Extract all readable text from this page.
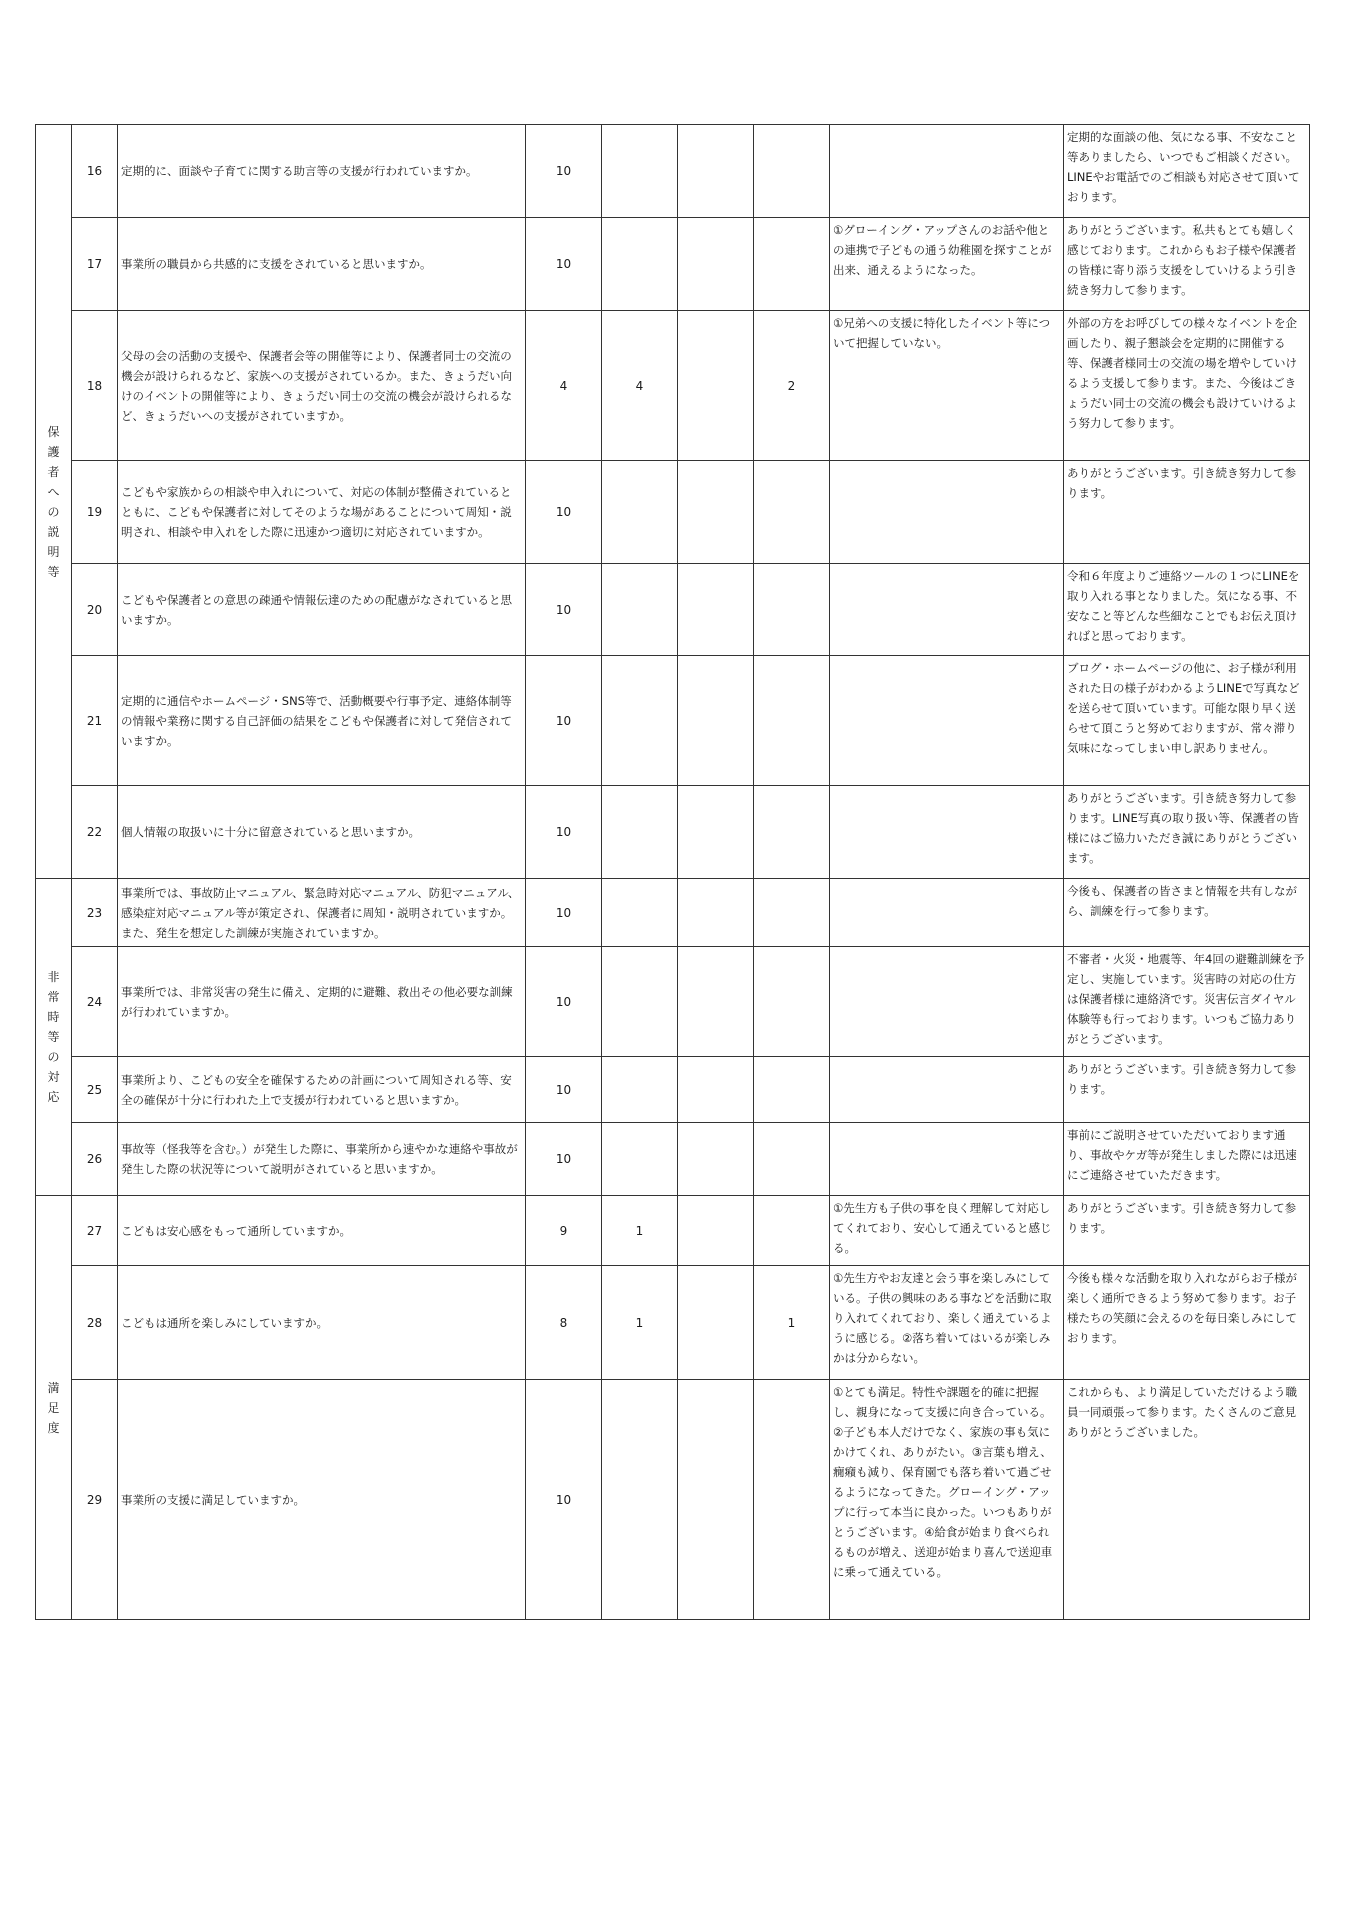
保護者への説明等	16	定期的に、面談や子育てに関する助言等の支援が行われていますか。	10					定期的な面談の他、気になる事、不安なこと等ありましたら、いつでもご相談ください。LINEやお電話でのご相談も対応させて頂いております。
	17	事業所の職員から共感的に支援をされていると思いますか。	10				①グローイング・アップさんのお話や他との連携で子どもの通う幼稚園を探すことが出来、通えるようになった。	ありがとうございます。私共もとても嬉しく感じております。これからもお子様や保護者の皆様に寄り添う支援をしていけるよう引き続き努力して参ります。
	18	父母の会の活動の支援や、保護者会等の開催等により、保護者同士の交流の機会が設けられるなど、家族への支援がされているか。また、きょうだい向けのイベントの開催等により、きょうだい同士の交流の機会が設けられるなど、きょうだいへの支援がされていますか。	4	4		2	①兄弟への支援に特化したイベント等について把握していない。	外部の方をお呼びしての様々なイベントを企画したり、親子懇談会を定期的に開催する等、保護者様同士の交流の場を増やしていけるよう支援して参ります。また、今後はごきょうだい同士の交流の機会も設けていけるよう努力して参ります。
	19	こどもや家族からの相談や申入れについて、対応の体制が整備されているとともに、こどもや保護者に対してそのような場があることについて周知・説明され、相談や申入れをした際に迅速かつ適切に対応されていますか。	10					ありがとうございます。引き続き努力して参ります。
	20	こどもや保護者との意思の疎通や情報伝達のための配慮がなされていると思いますか。	10					令和６年度よりご連絡ツールの１つにLINEを取り入れる事となりました。気になる事、不安なこと等どんな些細なことでもお伝え頂ければと思っております。
	21	定期的に通信やホームページ・SNS等で、活動概要や行事予定、連絡体制等の情報や業務に関する自己評価の結果をこどもや保護者に対して発信されていますか。	10					ブログ・ホームページの他に、お子様が利用された日の様子がわかるようLINEで写真などを送らせて頂いています。可能な限り早く送らせて頂こうと努めておりますが、常々滞り気味になってしまい申し訳ありません。
	22	個人情報の取扱いに十分に留意されていると思いますか。	10					ありがとうございます。引き続き努力して参ります。LINE写真の取り扱い等、保護者の皆様にはご協力いただき誠にありがとうございます。
非常時等の対応	23	事業所では、事故防止マニュアル、緊急時対応マニュアル、防犯マニュアル、感染症対応マニュアル等が策定され、保護者に周知・説明されていますか。また、発生を想定した訓練が実施されていますか。	10					今後も、保護者の皆さまと情報を共有しながら、訓練を行って参ります。
	24	事業所では、非常災害の発生に備え、定期的に避難、救出その他必要な訓練が行われていますか。	10					不審者・火災・地震等、年4回の避難訓練を予定し、実施しています。災害時の対応の仕方は保護者様に連絡済です。災害伝言ダイヤル体験等も行っております。いつもご協力ありがとうございます。
	25	事業所より、こどもの安全を確保するための計画について周知される等、安全の確保が十分に行われた上で支援が行われていると思いますか。	10					ありがとうございます。引き続き努力して参ります。
	26	事故等（怪我等を含む。）が発生した際に、事業所から速やかな連絡や事故が発生した際の状況等について説明がされていると思いますか。	10					事前にご説明させていただいております通り、事故やケガ等が発生しました際には迅速にご連絡させていただきます。
満足度	27	こどもは安心感をもって通所していますか。	9	1			①先生方も子供の事を良く理解して対応してくれており、安心して通えていると感じる。	ありがとうございます。引き続き努力して参ります。
	28	こどもは通所を楽しみにしていますか。	8	1		1	①先生方やお友達と会う事を楽しみにしている。子供の興味のある事などを活動に取り入れてくれており、楽しく通えているように感じる。②落ち着いてはいるが楽しみかは分からない。	今後も様々な活動を取り入れながらお子様が楽しく通所できるよう努めて参ります。お子様たちの笑顔に会えるのを毎日楽しみにしております。
	29	事業所の支援に満足していますか。	10				①とても満足。特性や課題を的確に把握し、親身になって支援に向き合っている。②子ども本人だけでなく、家族の事も気にかけてくれ、ありがたい。③言葉も増え、癇癪も減り、保育園でも落ち着いて過ごせるようになってきた。グローイング・アップに行って本当に良かった。いつもありがとうございます。④給食が始まり食べられるものが増え、送迎が始まり喜んで送迎車に乗って通えている。	これからも、より満足していただけるよう職員一同頑張って参ります。たくさんのご意見ありがとうございました。
